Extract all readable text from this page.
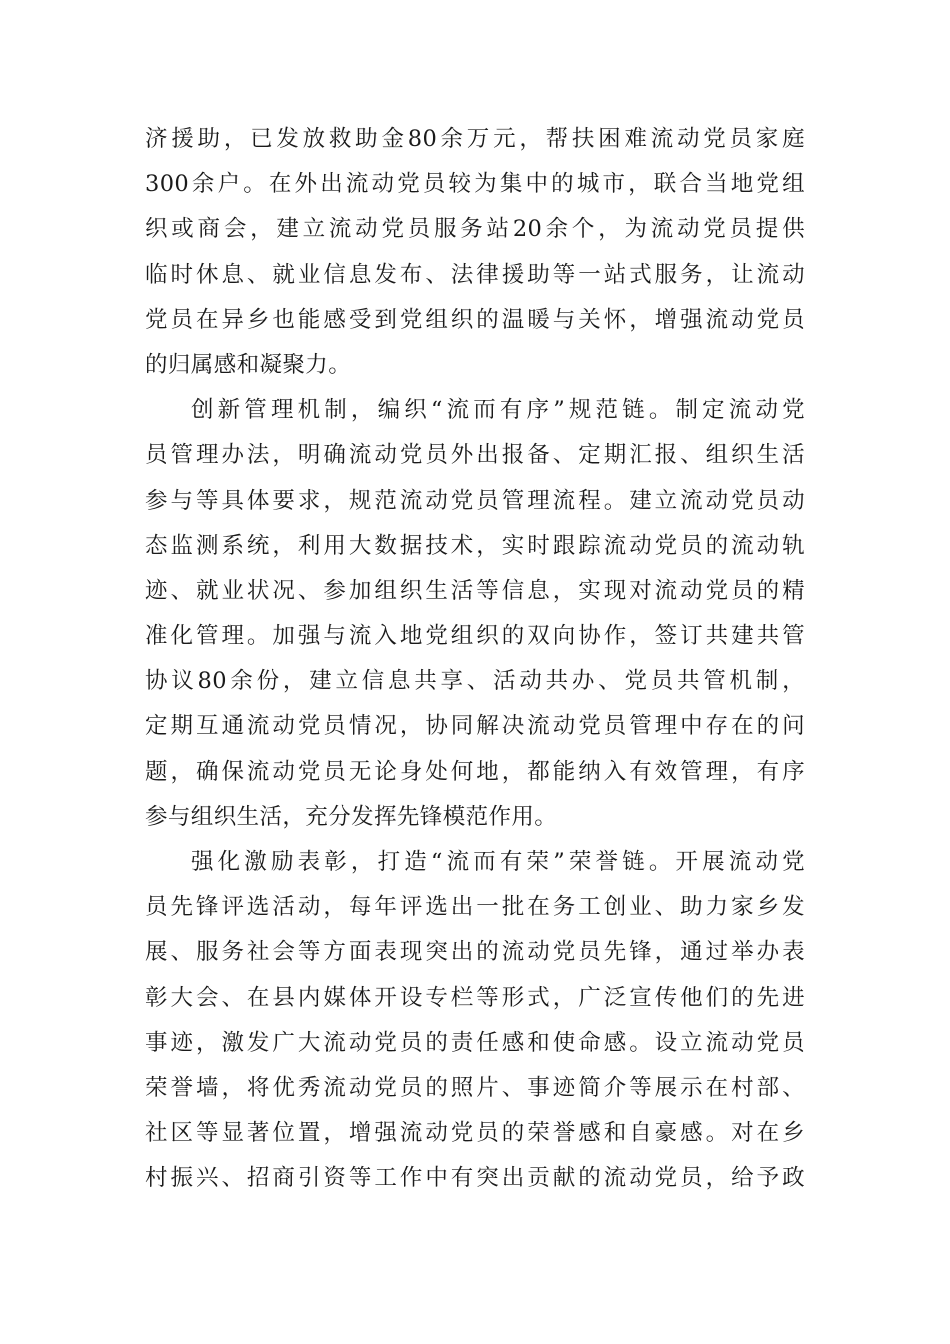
济援助，已发放救助金80余万元，帮扶困难流动党员家庭
300余户。在外出流动党员较为集中的城市，联合当地党组
织或商会，建立流动党员服务站20余个，为流动党员提供
临时休息、就业信息发布、法律援助等一站式服务，让流动
党员在异乡也能感受到党组织的温暖与关怀，增强流动党员
的归属感和凝聚力。
创新管理机制，编织“流而有序”规范链。制定流动党
员管理办法，明确流动党员外出报备、定期汇报、组织生活
参与等具体要求，规范流动党员管理流程。建立流动党员动
态监测系统，利用大数据技术，实时跟踪流动党员的流动轨
迹、就业状况、参加组织生活等信息，实现对流动党员的精
准化管理。加强与流入地党组织的双向协作，签订共建共管
协议80余份，建立信息共享、活动共办、党员共管机制，
定期互通流动党员情况，协同解决流动党员管理中存在的问
题，确保流动党员无论身处何地，都能纳入有效管理，有序
参与组织生活，充分发挥先锋模范作用。
强化激励表彰，打造“流而有荣”荣誉链。开展流动党
员先锋评选活动，每年评选出一批在务工创业、助力家乡发
展、服务社会等方面表现突出的流动党员先锋，通过举办表
彰大会、在县内媒体开设专栏等形式，广泛宣传他们的先进
事迹，激发广大流动党员的责任感和使命感。设立流动党员
荣誉墙，将优秀流动党员的照片、事迹简介等展示在村部、
社区等显著位置，增强流动党员的荣誉感和自豪感。对在乡
村振兴、招商引资等工作中有突出贡献的流动党员，给予政
